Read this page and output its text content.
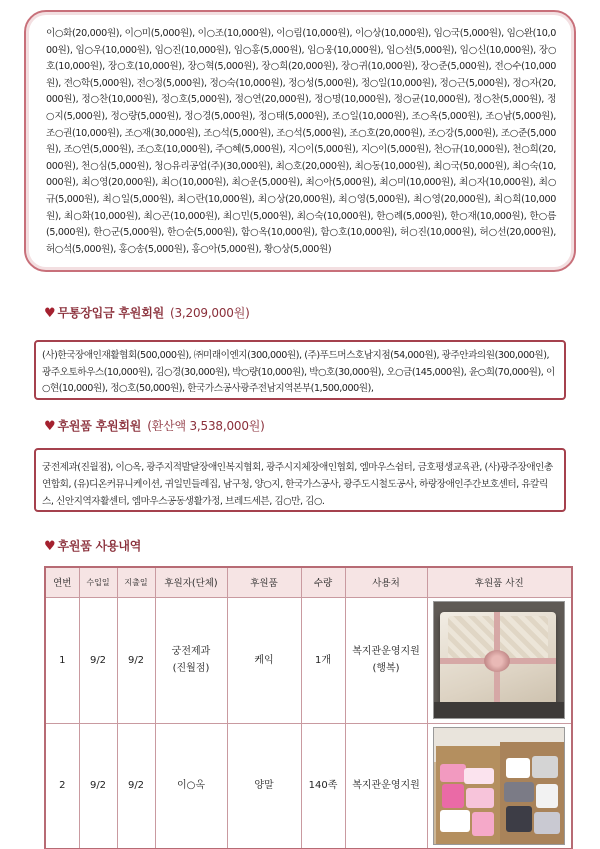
이○화(20,000원), 이○미(5,000원), 이○조(10,000원), 이○림(10,000원), 이○상(10,000원), 임○국(5,000원), 임○완(10,000원), 임○우(10,000원), 임○진(10,000원), 임○홍(5,000원), 임○웅(10,000원), 임○선(5,000원), 임○신(10,000원), 장○호(10,000원), 장○호(10,000원), 장○혁(5,000원), 장○희(20,000원), 장○귀(10,000원), 장○준(5,000원), 전○수(10,000원), 전○학(5,000원), 전○정(5,000원), 정○숙(10,000원), 정○성(5,000원), 정○일(10,000원), 정○근(5,000원), 정○자(20,000원), 정○찬(10,000원), 정○호(5,000원), 정○연(20,000원), 정○명(10,000원), 정○균(10,000원), 정○찬(5,000원), 정○지(5,000원), 정○량(5,000원), 정○경(5,000원), 정○태(5,000원), 조○일(10,000원), 조○옥(5,000원), 조○남(5,000원), 조○권(10,000원), 조○재(30,000원), 조○석(5,000원), 조○석(5,000원), 조○호(20,000원), 조○강(5,000원), 조○준(5,000원), 조○연(5,000원), 조○호(10,000원), 주○혜(5,000원), 지○이(5,000원), 지○이(5,000원), 천○규(10,000원), 천○희(20,000원), 천○심(5,000원), 청○유리공업(주)(30,000원), 최○호(20,000원), 최○동(10,000원), 최○국(50,000원), 최○숙(10,000원), 최○영(20,000원), 최○(10,000원), 최○운(5,000원), 최○아(5,000원), 최○미(10,000원), 최○자(10,000원), 최○규(5,000원), 최○일(5,000원), 최○란(10,000원), 최○상(20,000원), 최○영(5,000원), 최○영(20,000원), 최○희(10,000원), 최○화(10,000원), 최○곤(10,000원), 최○민(5,000원), 최○숙(10,000원), 한○례(5,000원), 한○재(10,000원), 한○름(5,000원), 한○군(5,000원), 한○순(5,000원), 함○옥(10,000원), 함○호(10,000원), 허○진(10,000원), 허○선(20,000원), 허○석(5,000원), 홍○송(5,000원), 홍○아(5,000원), 황○상(5,000원)

♥ 무통장입금 후원회원 (3,209,000원)

(사)한국장애인재활협회(500,000원), ㈜미래이엔지(300,000원), (주)푸드머스호남지점(54,000원), 광주안과의원(300,000원), 광주오토하우스(10,000원), 김○경(30,000원), 박○량(10,000원), 박○호(30,000원), 오○금(145,000원), 윤○희(70,000원), 이○현(10,000원), 정○호(50,000원), 한국가스공사광주전남지역본부(1,500,000원),

♥ 후원품 후원회원 (환산액 3,538,000원)

궁전제과(진월점), 이○옥, 광주지적발달장애인복지협회, 광주시지체장애인협회, 엠마우스쉼터, 금호평생교육관, (사)광주장애인총연합회, (유)디온커뮤니케이션, 귀일민들레집, 남구청, 양○지, 한국가스공사, 광주도시철도공사, 하랑장애인주간보호센터, 유칼릭스, 신안지역자활센터, 엠마우스공동생활가정, 브레드세븐, 김○만, 김○.

♥ 후원품 사용내역
연번	수입일	지출일	후원자(단체)	후원품	수량	사용처	후원품 사진
1	9/2	9/2	궁전제과
(진월점)	케익	1개	복지관운영지원
(행복)	

2	9/2	9/2	이○옥	양말	140족	복지관운영지원	
